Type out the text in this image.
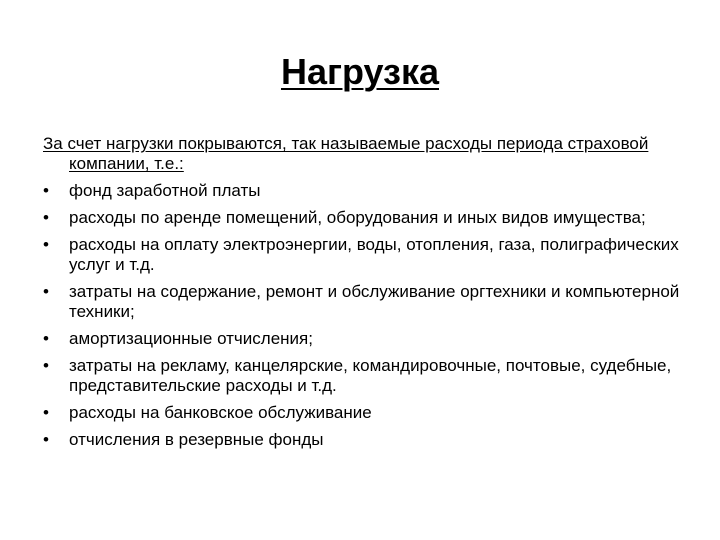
Нагрузка

За счет нагрузки покрываются, так называемые расходы периода страховой компании, т.е.:

•	фонд заработной платы
•	расходы по аренде помещений, оборудования и иных видов имущества;
•	расходы на оплату электроэнергии, воды, отопления, газа, полиграфических услуг и т.д.
•	затраты на содержание, ремонт и обслуживание оргтехники и компьютерной техники;
•	амортизационные отчисления;
•	затраты на рекламу, канцелярские, командировочные, почтовые, судебные, представительские расходы и т.д.
•	расходы на банковское обслуживание
•	отчисления в резервные фонды
